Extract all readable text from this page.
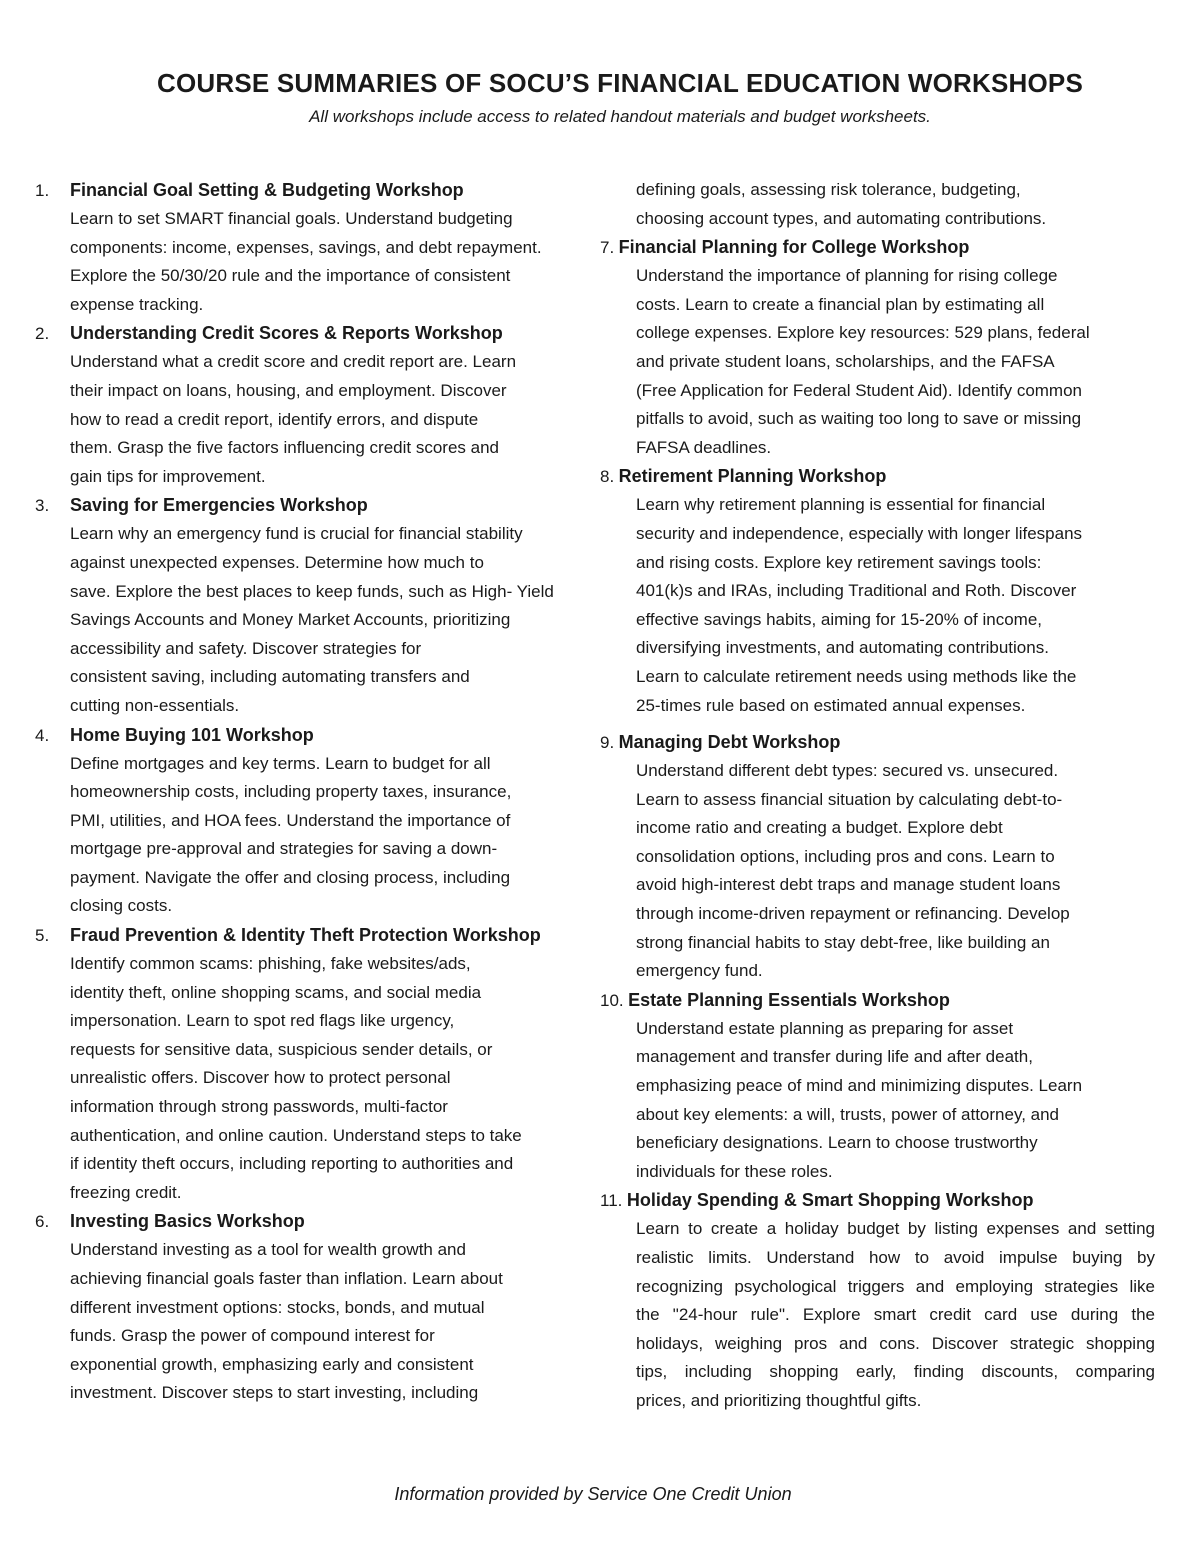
COURSE SUMMARIES OF SOCU’S FINANCIAL EDUCATION WORKSHOPS
All workshops include access to related handout materials and budget worksheets.
1. Financial Goal Setting & Budgeting Workshop
Learn to set SMART financial goals. Understand budgeting
components: income, expenses, savings, and debt repayment.
Explore the 50/30/20 rule and the importance of consistent
expense tracking.
2. Understanding Credit Scores & Reports Workshop
Understand what a credit score and credit report are. Learn
their impact on loans, housing, and employment. Discover
how to read a credit report, identify errors, and dispute
them. Grasp the five factors influencing credit scores and
gain tips for improvement.
3. Saving for Emergencies Workshop
Learn why an emergency fund is crucial for financial stability
against unexpected expenses. Determine how much to
save. Explore the best places to keep funds, such as High- Yield
Savings Accounts and Money Market Accounts, prioritizing
accessibility and safety. Discover strategies for
consistent saving, including automating transfers and
cutting non-essentials.
4. Home Buying 101 Workshop
Define mortgages and key terms. Learn to budget for all
homeownership costs, including property taxes, insurance,
PMI, utilities, and HOA fees. Understand the importance of
mortgage pre-approval and strategies for saving a down-
payment. Navigate the offer and closing process, including
closing costs.
5. Fraud Prevention & Identity Theft Protection Workshop
Identify common scams: phishing, fake websites/ads,
identity theft, online shopping scams, and social media
impersonation. Learn to spot red flags like urgency,
requests for sensitive data, suspicious sender details, or
unrealistic offers. Discover how to protect personal
information through strong passwords, multi-factor
authentication, and online caution. Understand steps to take
if identity theft occurs, including reporting to authorities and
freezing credit.
6. Investing Basics Workshop
Understand investing as a tool for wealth growth and
achieving financial goals faster than inflation. Learn about
different investment options: stocks, bonds, and mutual
funds. Grasp the power of compound interest for
exponential growth, emphasizing early and consistent
investment. Discover steps to start investing, including
defining goals, assessing risk tolerance, budgeting,
choosing account types, and automating contributions.
7. Financial Planning for College Workshop
Understand the importance of planning for rising college
costs. Learn to create a financial plan by estimating all
college expenses. Explore key resources: 529 plans, federal
and private student loans, scholarships, and the FAFSA
(Free Application for Federal Student Aid). Identify common
pitfalls to avoid, such as waiting too long to save or missing
FAFSA deadlines.
8. Retirement Planning Workshop
Learn why retirement planning is essential for financial
security and independence, especially with longer lifespans
and rising costs. Explore key retirement savings tools:
401(k)s and IRAs, including Traditional and Roth. Discover
effective savings habits, aiming for 15-20% of income,
diversifying investments, and automating contributions.
Learn to calculate retirement needs using methods like the
25-times rule based on estimated annual expenses.
9. Managing Debt Workshop
Understand different debt types: secured vs. unsecured.
Learn to assess financial situation by calculating debt-to-
income ratio and creating a budget. Explore debt
consolidation options, including pros and cons. Learn to
avoid high-interest debt traps and manage student loans
through income-driven repayment or refinancing. Develop
strong financial habits to stay debt-free, like building an
emergency fund.
10. Estate Planning Essentials Workshop
Understand estate planning as preparing for asset
management and transfer during life and after death,
emphasizing peace of mind and minimizing disputes. Learn
about key elements: a will, trusts, power of attorney, and
beneficiary designations. Learn to choose trustworthy
individuals for these roles.
11. Holiday Spending & Smart Shopping Workshop
Learn to create a holiday budget by listing expenses and setting
realistic limits. Understand how to avoid impulse buying by
recognizing psychological triggers and employing strategies like
the "24-hour rule". Explore smart credit card use during the
holidays, weighing pros and cons. Discover strategic shopping
tips, including shopping early, finding discounts, comparing
prices, and prioritizing thoughtful gifts.
Information provided by Service One Credit Union
